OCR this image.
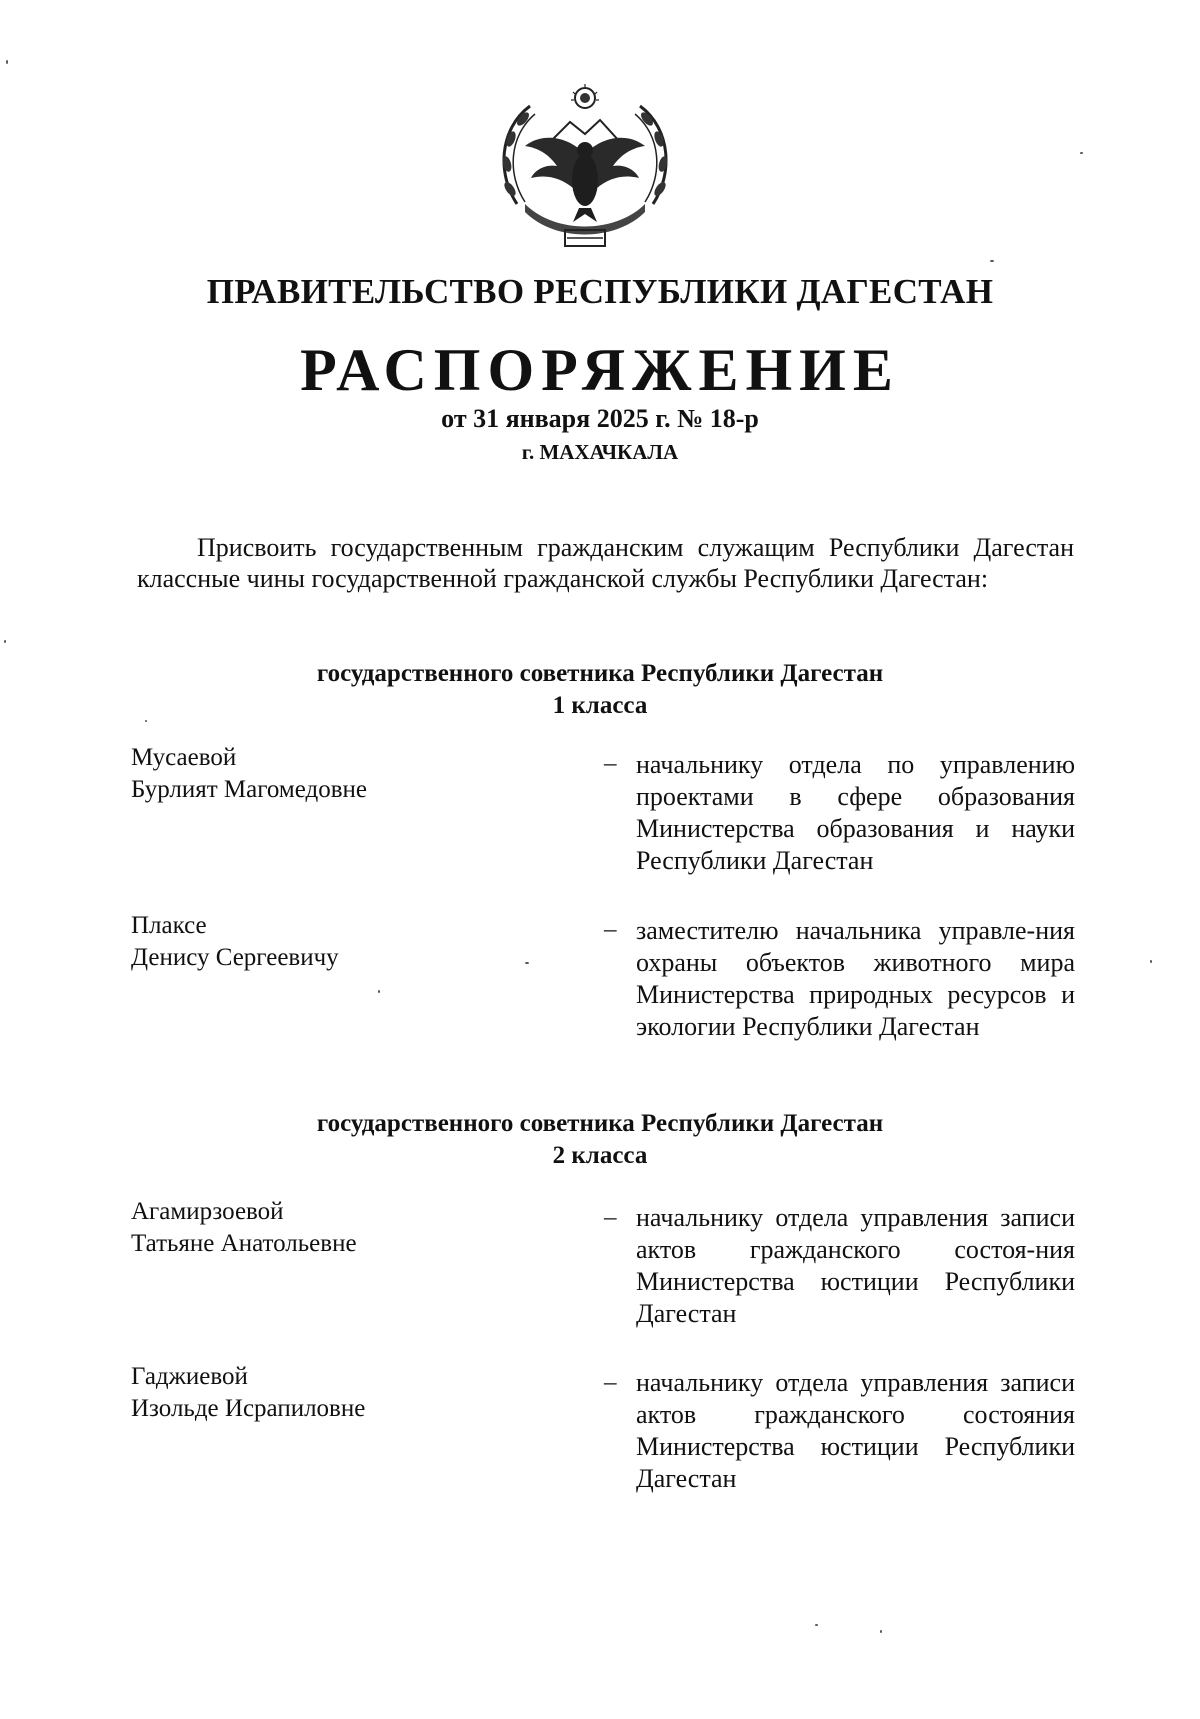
ПРАВИТЕЛЬСТВО РЕСПУБЛИКИ ДАГЕСТАН
РАСПОРЯЖЕНИЕ
от 31 января 2025 г. № 18-р
г. МАХАЧКАЛА
Присвоить государственным гражданским служащим Республики Дагестан классные чины государственной гражданской службы Республики Дагестан:
государственного советника Республики Дагестан
1 класса
Мусаевой
Бурлият Магомедовне
– начальнику отдела по управлению проектами в сфере образования Министерства образования и науки Республики Дагестан
Плаксе
Денису Сергеевичу
– заместителю начальника управле-ния охраны объектов животного мира Министерства природных ресурсов и экологии Республики Дагестан
государственного советника Республики Дагестан
2 класса
Агамирзоевой
Татьяне Анатольевне
– начальнику отдела управления записи актов гражданского состоя-ния Министерства юстиции Республики Дагестан
Гаджиевой
Изольде Исрапиловне
– начальнику отдела управления записи актов гражданского состояния Министерства юстиции Республики Дагестан
